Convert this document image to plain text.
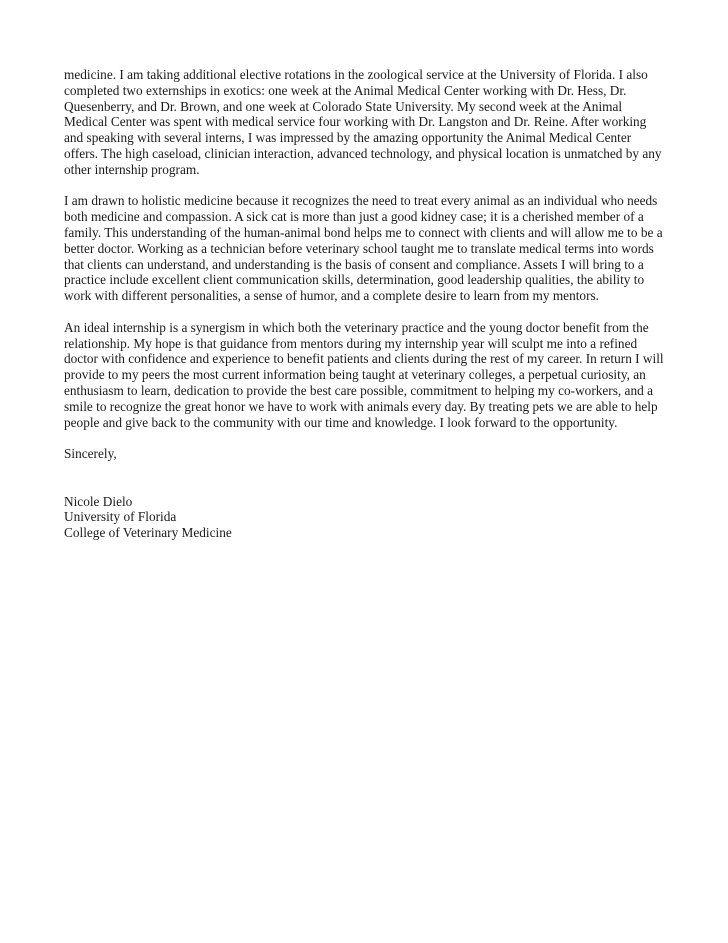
medicine. I am taking additional elective rotations in the zoological service at the University of Florida. I also completed two externships in exotics: one week at the Animal Medical Center working with Dr. Hess, Dr. Quesenberry, and Dr. Brown, and one week at Colorado State University. My second week at the Animal Medical Center was spent with medical service four working with Dr. Langston and Dr. Reine. After working and speaking with several interns, I was impressed by the amazing opportunity the Animal Medical Center offers. The high caseload, clinician interaction, advanced technology, and physical location is unmatched by any other internship program.

I am drawn to holistic medicine because it recognizes the need to treat every animal as an individual who needs both medicine and compassion. A sick cat is more than just a good kidney case; it is a cherished member of a family. This understanding of the human-animal bond helps me to connect with clients and will allow me to be a better doctor. Working as a technician before veterinary school taught me to translate medical terms into words that clients can understand, and understanding is the basis of consent and compliance. Assets I will bring to a practice include excellent client communication skills, determination, good leadership qualities, the ability to work with different personalities, a sense of humor, and a complete desire to learn from my mentors.

An ideal internship is a synergism in which both the veterinary practice and the young doctor benefit from the relationship. My hope is that guidance from mentors during my internship year will sculpt me into a refined doctor with confidence and experience to benefit patients and clients during the rest of my career. In return I will provide to my peers the most current information being taught at veterinary colleges, a perpetual curiosity, an enthusiasm to learn, dedication to provide the best care possible, commitment to helping my co-workers, and a smile to recognize the great honor we have to work with animals every day. By treating pets we are able to help people and give back to the community with our time and knowledge. I look forward to the opportunity.

Sincerely,

Nicole Dielo
University of Florida
College of Veterinary Medicine
